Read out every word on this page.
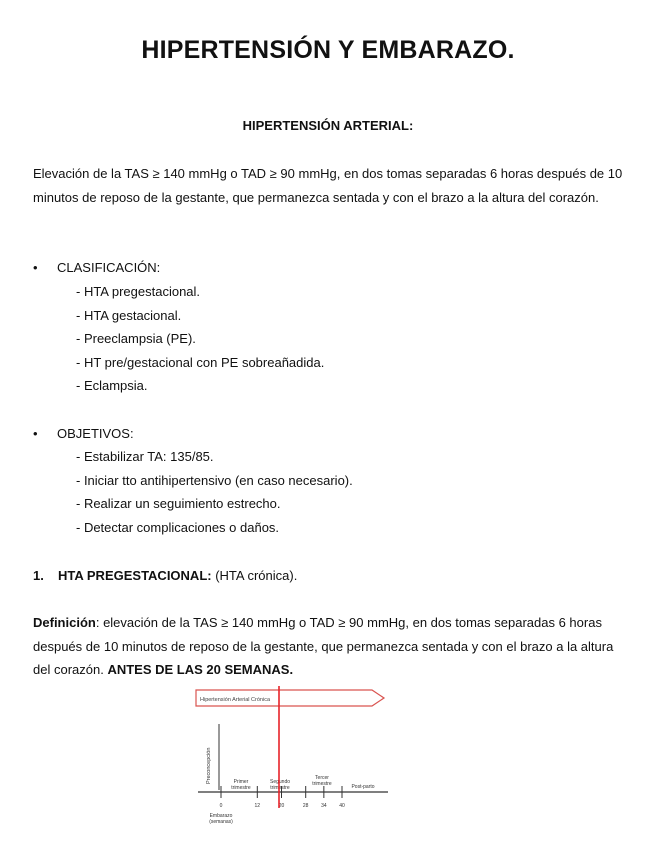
HIPERTENSIÓN Y EMBARAZO.
HIPERTENSIÓN ARTERIAL:

Elevación de la TAS ≥ 140 mmHg o TAD ≥ 90 mmHg, en dos tomas separadas 6 horas después de 10 minutos de reposo de la gestante, que permanezca sentada y con el brazo a la altura del corazón.

• CLASIFICACIÓN:

- HTA pregestacional.
- HTA gestacional.
- Preeclampsia (PE).
- HT pre/gestacional con PE sobreañadida.
- Eclampsia.

• OBJETIVOS:

- Estabilizar TA: 135/85.
- Iniciar tto antihipertensivo (en caso necesario).
- Realizar un seguimiento estrecho.
- Detectar complicaciones o daños.

1. HTA PREGESTACIONAL: (HTA crónica).

Definición: elevación de la TAS ≥ 140 mmHg o TAD ≥ 90 mmHg, en dos tomas separadas 6 horas después de 10 minutos de reposo de la gestante, que permanezca sentada y con el brazo a la altura del corazón. ANTES DE LAS 20 SEMANAS.

Hipertensión Arterial Crónica
Preconcepción
0	12	20	28	34	40
Primer trimestre
Segundo trimestre
Tercer trimestre	Post-parto
Embarazo
(semanas)
